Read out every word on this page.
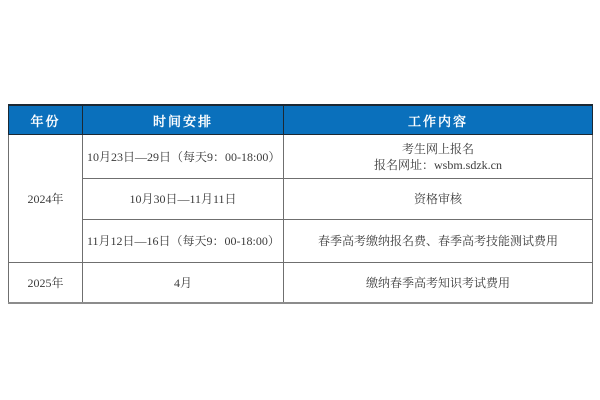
年份	时间安排	工作内容
2024年	10月23日—29日（每天9：00-18:00）	考生网上报名
报名网址：wsbm.sdzk.cn

	10月30日—11月11日	资格审核

	11月12日—16日（每天9：00-18:00）	春季高考缴纳报名费、春季高考技能测试费用

2025年	4月	缴纳春季高考知识考试费用
